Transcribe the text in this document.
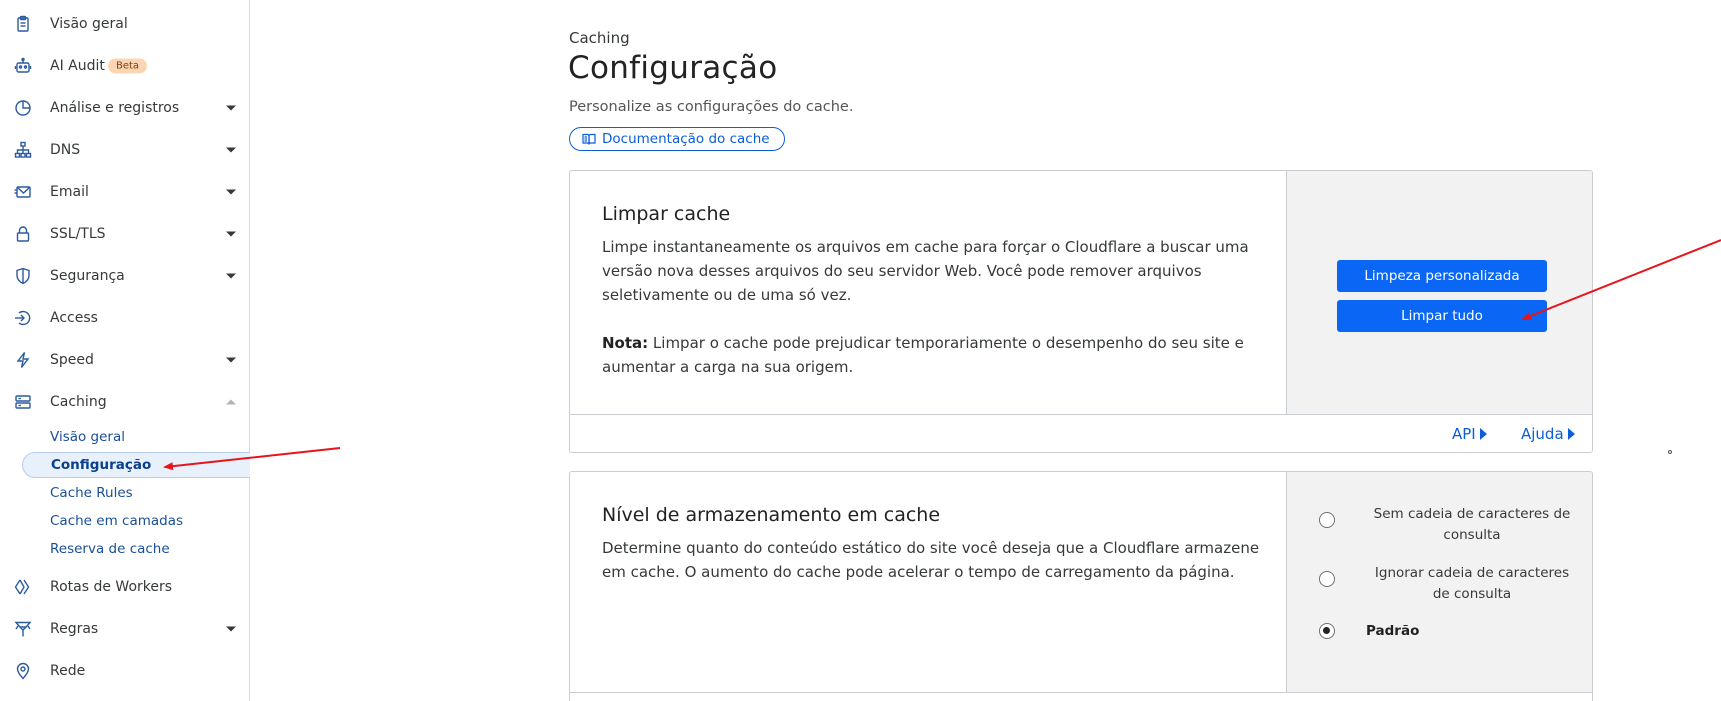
Visão geral
AI Audit	Beta
Análise e registros
DNS
Email
SSL/TLS
Segurança
Access
Speed
Caching
Visão geral
Configuração
Cache Rules
Cache em camadas
Reserva de cache
Rotas de Workers
Regras
Rede
Caching
Configuração

Personalize as configurações do cache.

Documentação do cache
Limpar cache

Limpe instantaneamente os arquivos em cache para forçar o Cloudflare a buscar uma versão nova desses arquivos do seu servidor Web. Você pode remover arquivos seletivamente ou de uma só vez.

Nota: Limpar o cache pode prejudicar temporariamente o desempenho do seu site e aumentar a carga na sua origem.

Limpeza personalizada
Limpar tudo
API	Ajuda
Nível de armazenamento em cache

Determine quanto do conteúdo estático do site você deseja que a Cloudflare armazene em cache. O aumento do cache pode acelerar o tempo de carregamento da página.

Sem cadeia de caracteres de consulta
Ignorar cadeia de caracteres de consulta
Padrão
